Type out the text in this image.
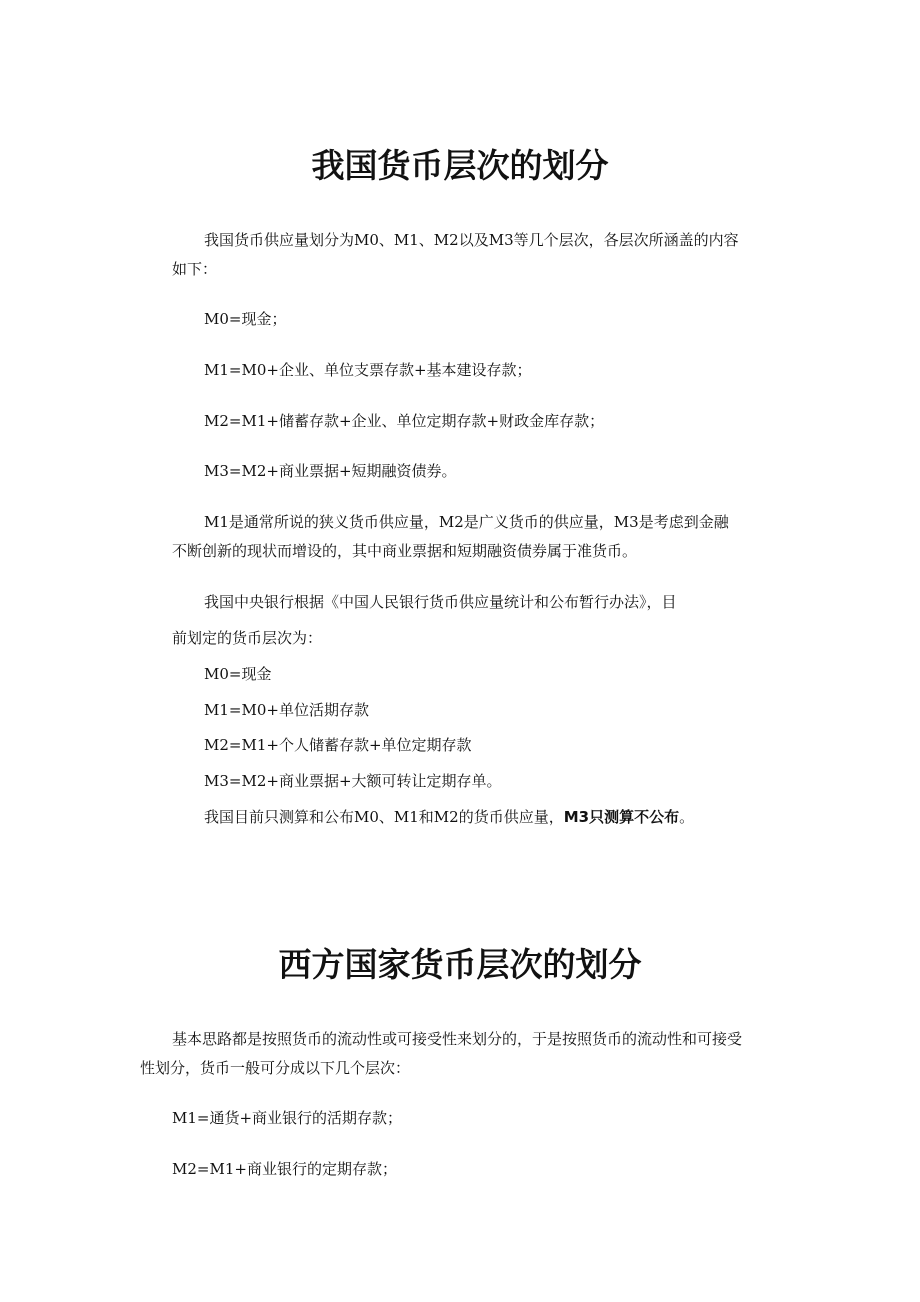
我国货币层次的划分

我国货币供应量划分为M0、M1、M2以及M3等几个层次，各层次所涵盖的内容

如下：

M0=现金；

M1=M0+企业、单位支票存款+基本建设存款；

M2=M1+储蓄存款+企业、单位定期存款+财政金库存款；

M3=M2+商业票据+短期融资债券。

M1是通常所说的狭义货币供应量，M2是广义货币的供应量，M3是考虑到金融

不断创新的现状而增设的，其中商业票据和短期融资债券属于准货币。

我国中央银行根据《中国人民银行货币供应量统计和公布暂行办法》，目

前划定的货币层次为：

M0=现金

M1=M0+单位活期存款

M2=M1+个人储蓄存款+单位定期存款

M3=M2+商业票据+大额可转让定期存单。

我国目前只测算和公布M0、M1和M2的货币供应量，M3只测算不公布。

西方国家货币层次的划分

基本思路都是按照货币的流动性或可接受性来划分的，于是按照货币的流动性和可接受

性划分，货币一般可分成以下几个层次：

M1=通货+商业银行的活期存款；

M2=M1+商业银行的定期存款；
